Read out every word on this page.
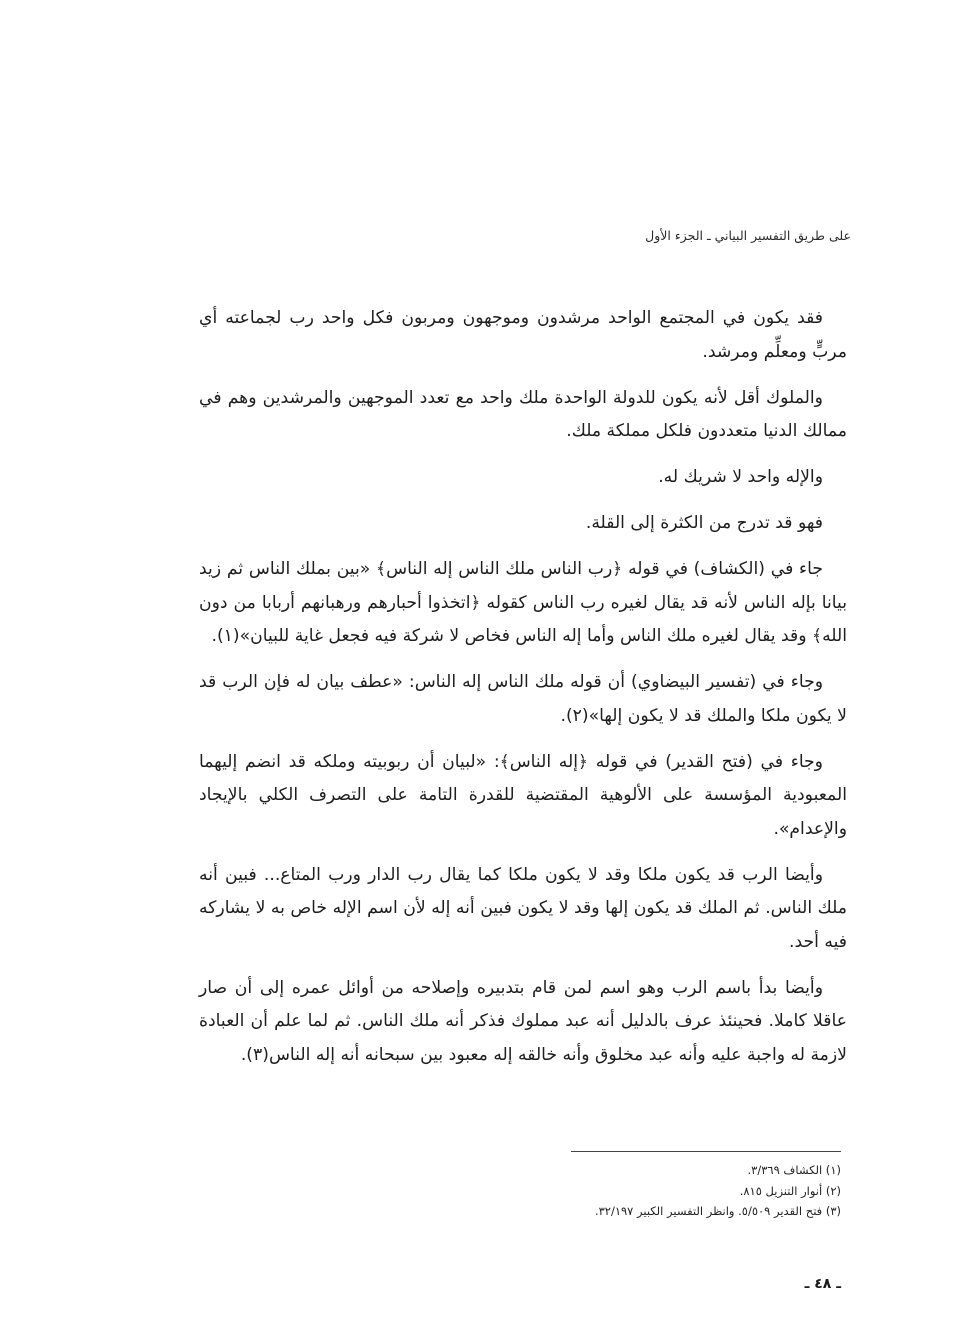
على طريق التفسير البياني ـ الجزء الأول

فقد يكون في المجتمع الواحد مرشدون وموجهون ومربون فكل واحد رب لجماعته أي مربٍّ ومعلِّم ومرشد.

والملوك أقل لأنه يكون للدولة الواحدة ملك واحد مع تعدد الموجهين والمرشدين وهم في ممالك الدنيا متعددون فلكل مملكة ملك.

والإله واحد لا شريك له.

فهو قد تدرج من الكثرة إلى القلة.

جاء في (الكشاف) في قوله ﴿رب الناس ملك الناس إله الناس﴾ «بين بملك الناس ثم زيد بيانا بإله الناس لأنه قد يقال لغيره رب الناس كقوله ﴿اتخذوا أحبارهم ورهبانهم أربابا من دون الله﴾ وقد يقال لغيره ملك الناس وأما إله الناس فخاص لا شركة فيه فجعل غاية للبيان»(١).

وجاء في (تفسير البيضاوي) أن قوله ملك الناس إله الناس: «عطف بيان له فإن الرب قد لا يكون ملكا والملك قد لا يكون إلها»(٢).

وجاء في (فتح القدير) في قوله ﴿إله الناس﴾: «لبيان أن ربوبيته وملكه قد انضم إليهما المعبودية المؤسسة على الألوهية المقتضية للقدرة التامة على التصرف الكلي بالإيجاد والإعدام».

وأيضا الرب قد يكون ملكا وقد لا يكون ملكا كما يقال رب الدار ورب المتاع... فبين أنه ملك الناس. ثم الملك قد يكون إلها وقد لا يكون فبين أنه إله لأن اسم الإله خاص به لا يشاركه فيه أحد.

وأيضا بدأ باسم الرب وهو اسم لمن قام بتدبيره وإصلاحه من أوائل عمره إلى أن صار عاقلا كاملا. فحينئذ عرف بالدليل أنه عبد مملوك فذكر أنه ملك الناس. ثم لما علم أن العبادة لازمة له واجبة عليه وأنه عبد مخلوق وأنه خالقه إله معبود بين سبحانه أنه إله الناس(٣).

(١) الكشاف ٣/٣٦٩.
(٢) أنوار التنزيل ٨١٥.
(٣) فتح القدير ٥/٥٠٩. وانظر التفسير الكبير ٣٢/١٩٧.
ـ ٤٨ ـ
